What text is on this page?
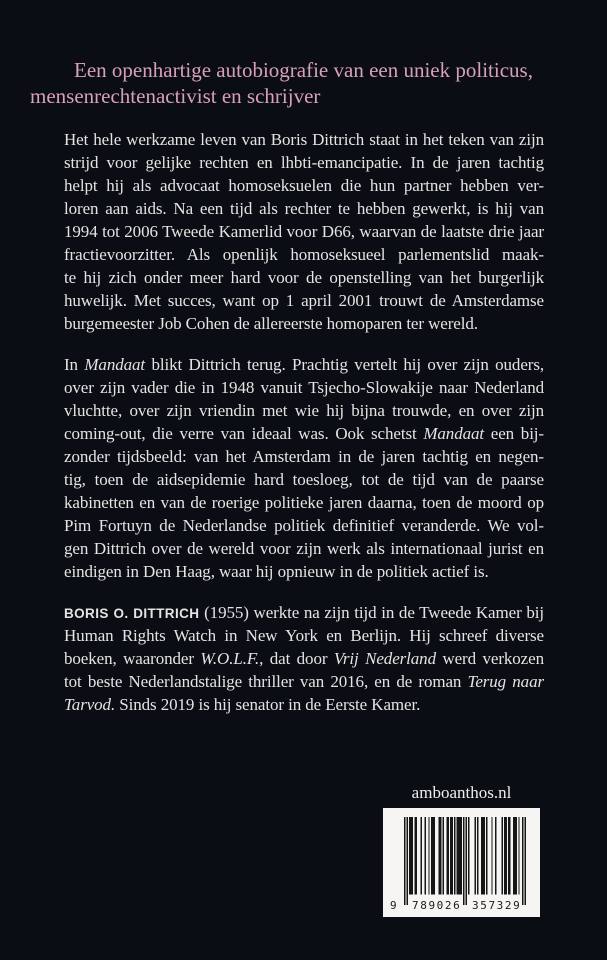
Een openhartige autobiografie van een uniek politicus,
mensenrechtenactivist en schrijver
Het hele werkzame leven van Boris Dittrich staat in het teken van zijn
strijd voor gelijke rechten en lhbti-emancipatie. In de jaren tachtig
helpt hij als advocaat homoseksuelen die hun partner hebben ver-
loren aan aids. Na een tijd als rechter te hebben gewerkt, is hij van
1994 tot 2006 Tweede Kamerlid voor D66, waarvan de laatste drie jaar
fractievoorzitter. Als openlijk homoseksueel parlementslid maak-
te hij zich onder meer hard voor de openstelling van het burgerlijk
huwelijk. Met succes, want op 1 april 2001 trouwt de Amsterdamse
burgemeester Job Cohen de allereerste homoparen ter wereld.
In Mandaat blikt Dittrich terug. Prachtig vertelt hij over zijn ouders,
over zijn vader die in 1948 vanuit Tsjecho-Slowakije naar Nederland
vluchtte, over zijn vriendin met wie hij bijna trouwde, en over zijn
coming-out, die verre van ideaal was. Ook schetst Mandaat een bij-
zonder tijdsbeeld: van het Amsterdam in de jaren tachtig en negen-
tig, toen de aidsepidemie hard toesloeg, tot de tijd van de paarse
kabinetten en van de roerige politieke jaren daarna, toen de moord op
Pim Fortuyn de Nederlandse politiek definitief veranderde. We vol-
gen Dittrich over de wereld voor zijn werk als internationaal jurist en
eindigen in Den Haag, waar hij opnieuw in de politiek actief is.
BORIS O. DITTRICH (1955) werkte na zijn tijd in de Tweede Kamer bij
Human Rights Watch in New York en Berlijn. Hij schreef diverse
boeken, waaronder W.O.L.F., dat door Vrij Nederland werd verkozen
tot beste Nederlandstalige thriller van 2016, en de roman Terug naar
Tarvod. Sinds 2019 is hij senator in de Eerste Kamer.
amboanthos.nl
9 789026 357329
